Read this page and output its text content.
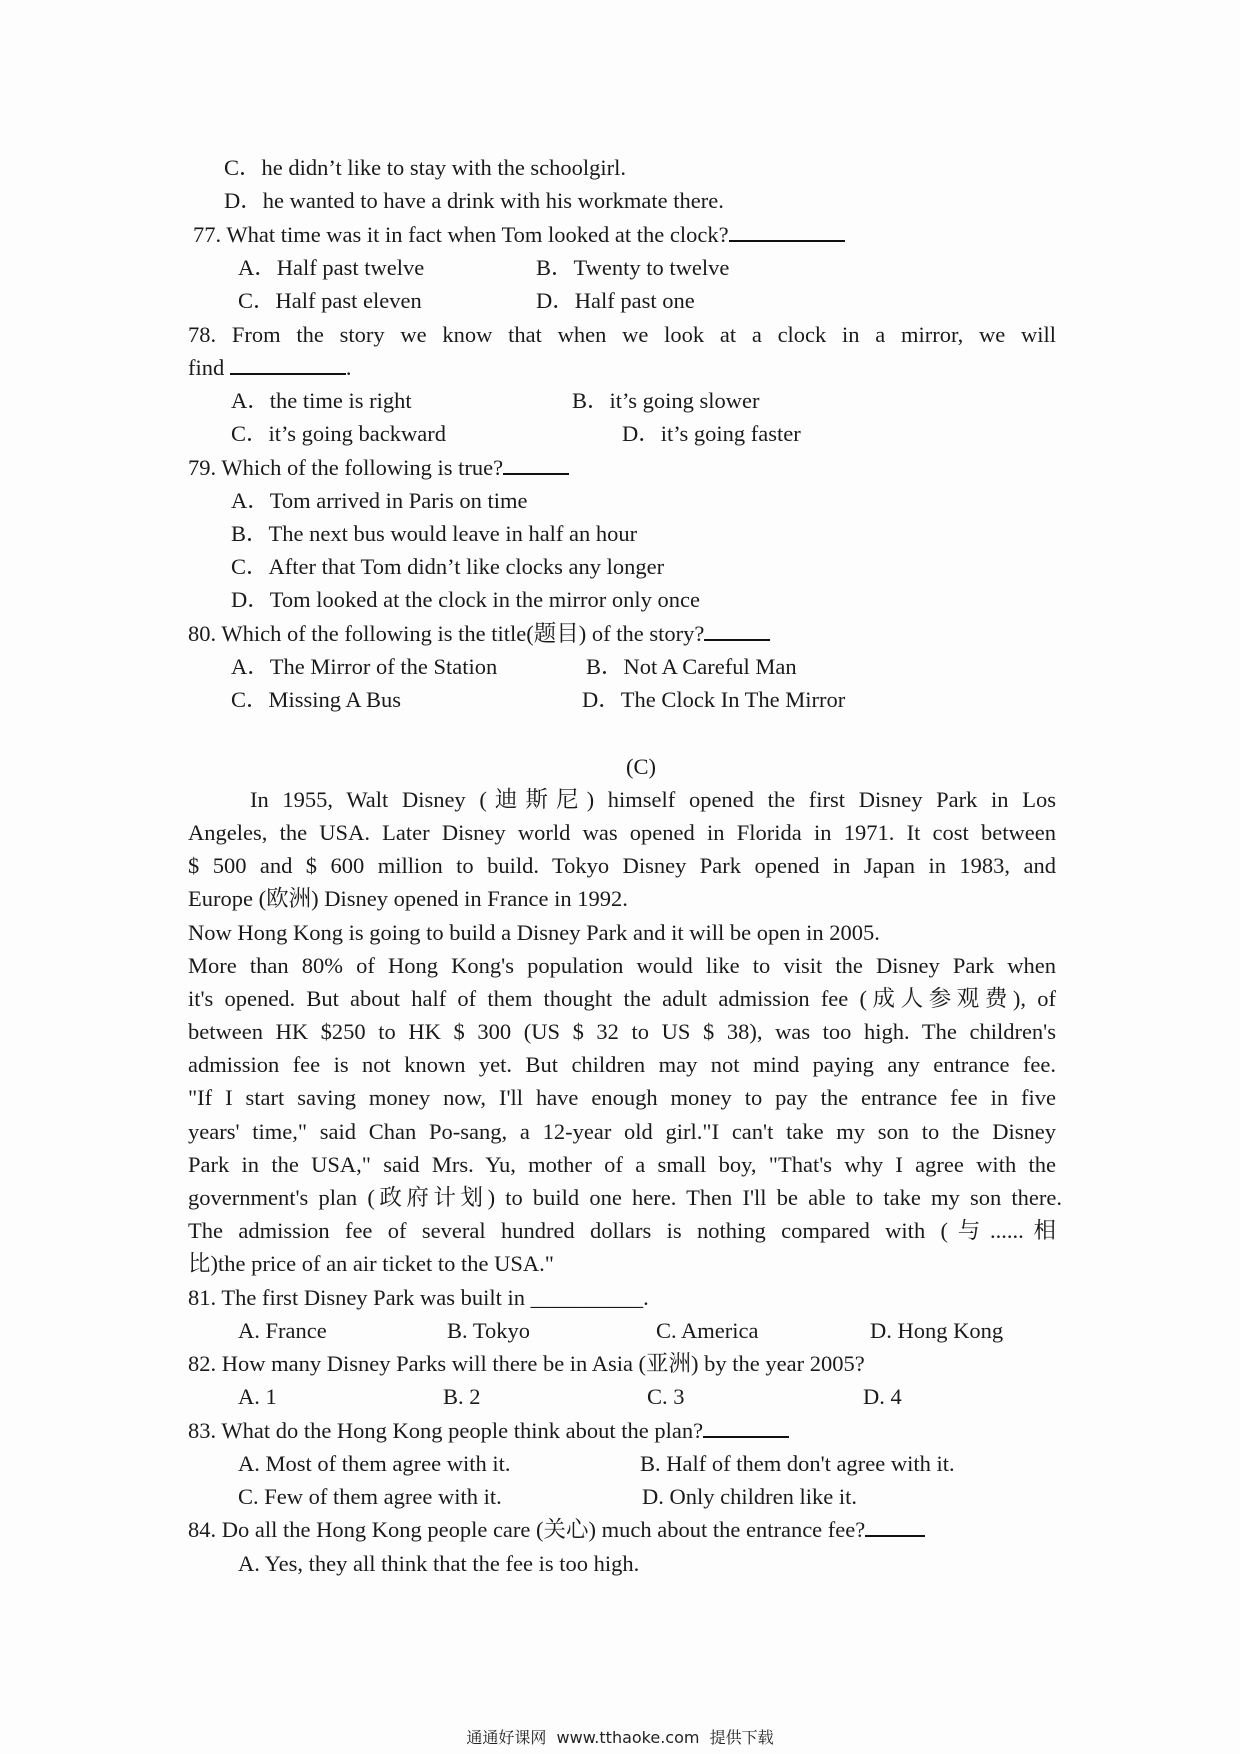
C．he didn’t like to stay with the schoolgirl.
D．he wanted to have a drink with his workmate there.
77. What time was it in fact when Tom looked at the clock?
A．Half past twelve	B．Twenty to twelve
C．Half past eleven	D．Half past one
78. From the story we know that when we look at a clock in a mirror, we will
find	.
A．the time is right	B．it’s going slower
C．it’s going backward	D．it’s going faster
79. Which of the following is true?
A．Tom arrived in Paris on time
B．The next bus would leave in half an hour
C．After that Tom didn’t like clocks any longer
D．Tom looked at the clock in the mirror only once
80. Which of the following is the title(题目) of the story?
A．The Mirror of the Station	B．Not A Careful Man
C．Missing A Bus	D．The Clock In The Mirror
(C)
In 1955, Walt Disney (迪斯尼) himself opened the first Disney Park in Los
Angeles, the USA. Later Disney world was opened in Florida in 1971. It cost between
$ 500 and $ 600 million to build. Tokyo Disney Park opened in Japan in 1983, and
Europe (欧洲) Disney opened in France in 1992.
Now Hong Kong is going to build a Disney Park and it will be open in 2005.
More than 80% of Hong Kong's population would like to visit the Disney Park when
it's opened. But about half of them thought the adult admission fee (成人参观费), of
between HK $250 to HK $ 300 (US $ 32 to US $ 38), was too high. The children's
admission fee is not known yet. But children may not mind paying any entrance fee.
"If I start saving money now, I'll have enough money to pay the entrance fee in five
years' time," said Chan Po-sang, a 12-year old girl."I can't take my son to the Disney
Park in the USA," said Mrs. Yu, mother of a small boy, "That's why I agree with the
government's plan (政府计划) to build one here. Then I'll be able to take my son there.
The admission fee of several hundred dollars is nothing compared with (与......相
比)the price of an air ticket to the USA."
81. The first Disney Park was built in __________.
A. France	B. Tokyo	C. America	D. Hong Kong
82. How many Disney Parks will there be in Asia (亚洲) by the year 2005?
A. 1	B. 2	C. 3	D. 4
83. What do the Hong Kong people think about the plan?
A. Most of them agree with it.	B. Half of them don't agree with it.
C. Few of them agree with it.	D. Only children like it.
84. Do all the Hong Kong people care (关心) much about the entrance fee?
A. Yes, they all think that the fee is too high.
通通好课网  www.tthaoke.com  提供下载
